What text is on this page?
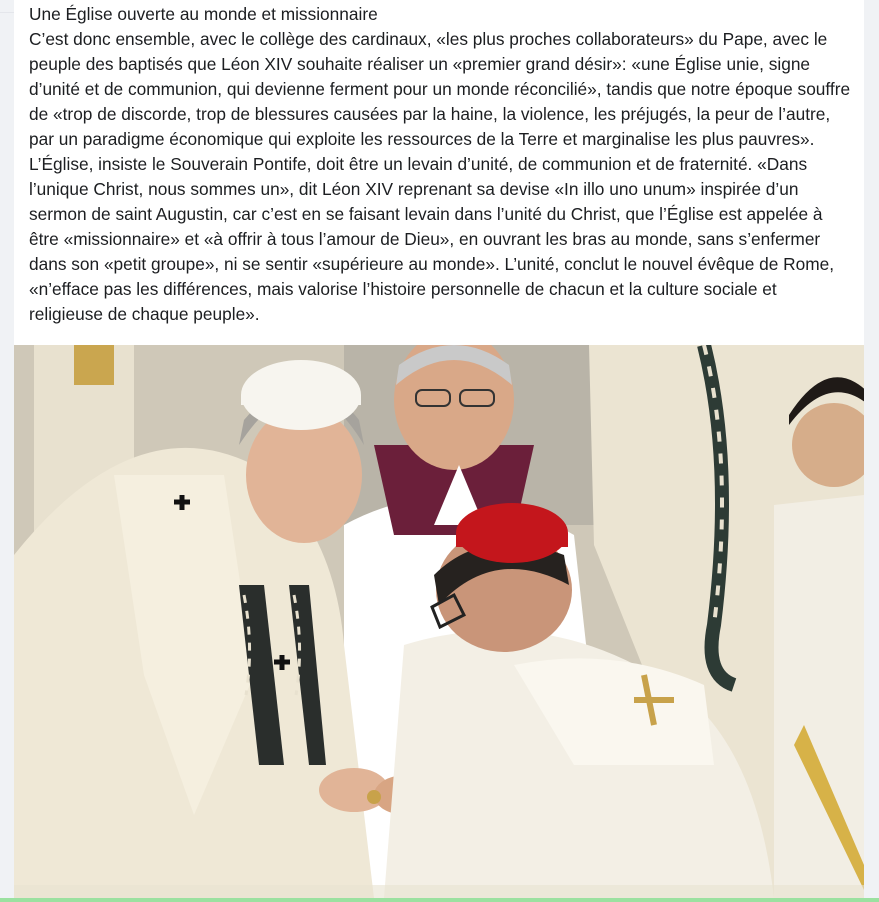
Une Église ouverte au monde et missionnaire

C’est donc ensemble, avec le collège des cardinaux, «les plus proches collaborateurs» du Pape, avec le peuple des baptisés que Léon XIV souhaite réaliser un «premier grand désir»: «une Église unie, signe d’unité et de communion, qui devienne ferment pour un monde réconcilié», tandis que notre époque souffre de «trop de discorde, trop de blessures causées par la haine, la violence, les préjugés, la peur de l’autre, par un paradigme économique qui exploite les ressources de la Terre et marginalise les plus pauvres». L’Église, insiste le Souverain Pontife, doit être un levain d’unité, de communion et de fraternité. «Dans l’unique Christ, nous sommes un», dit Léon XIV reprenant sa devise «In illo uno unum» inspirée d’un sermon de saint Augustin, car c’est en se faisant levain dans l’unité du Christ, que l’Église est appelée à être «missionnaire» et «à offrir à tous l’amour de Dieu», en ouvrant les bras au monde, sans s’enfermer dans son «petit groupe», ni se sentir «supérieure au monde». L’unité, conclut le nouvel évêque de Rome, «n’efface pas les différences, mais valorise l’histoire personnelle de chacun et la culture sociale et religieuse de chaque peuple».
